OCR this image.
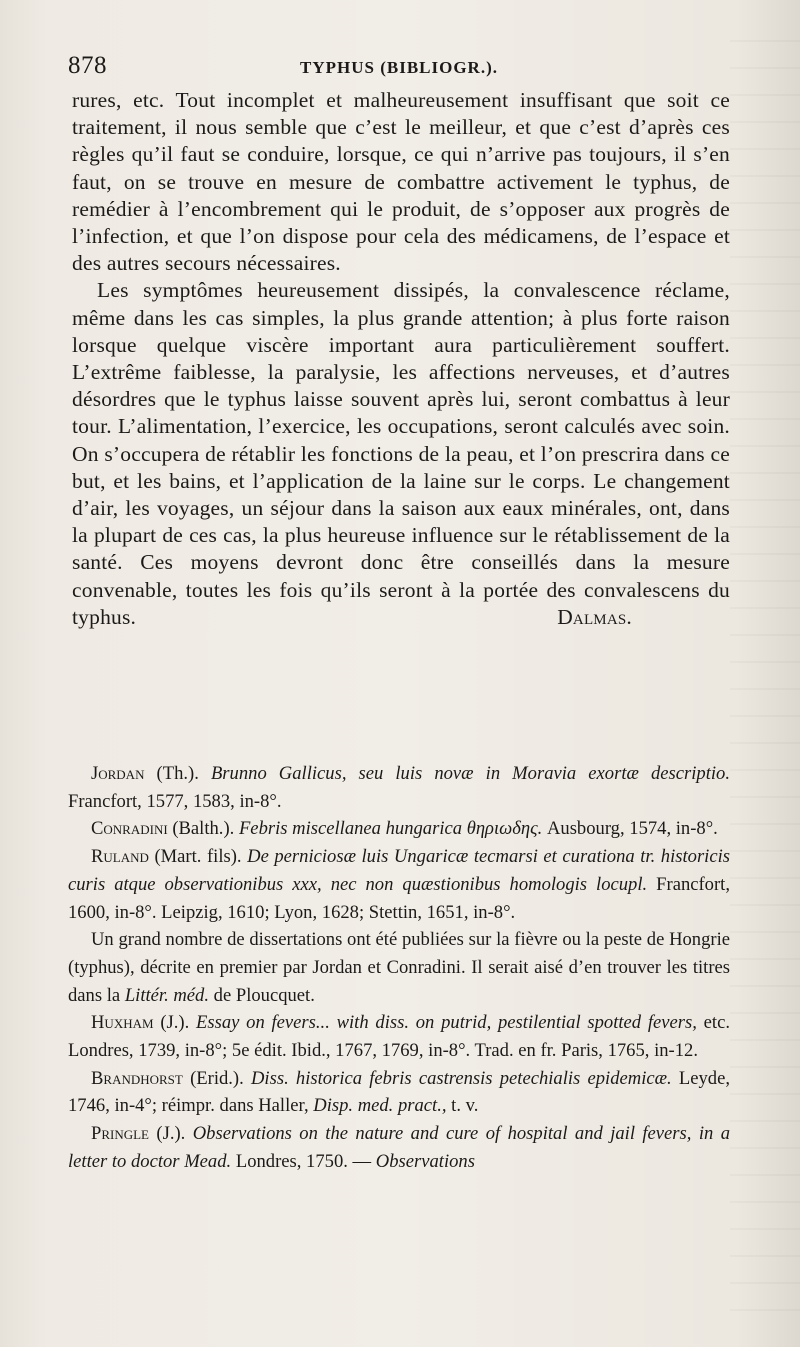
878	TYPHUS (BIBLIOGR.).

rures, etc. Tout incomplet et malheureusement insuffisant que soit ce traitement, il nous semble que c’est le meilleur, et que c’est d’après ces règles qu’il faut se conduire, lorsque, ce qui n’arrive pas toujours, il s’en faut, on se trouve en mesure de combattre activement le typhus, de remédier à l’encombrement qui le produit, de s’opposer aux progrès de l’infection, et que l’on dispose pour cela des médicamens, de l’espace et des autres secours nécessaires.

Les symptômes heureusement dissipés, la convalescence réclame, même dans les cas simples, la plus grande attention; à plus forte raison lorsque quelque viscère important aura particulièrement souffert. L’extrême faiblesse, la paralysie, les affections nerveuses, et d’autres désordres que le typhus laisse souvent après lui, seront combattus à leur tour. L’alimentation, l’exercice, les occupations, seront calculés avec soin. On s’occupera de rétablir les fonctions de la peau, et l’on prescrira dans ce but, et les bains, et l’application de la laine sur le corps. Le changement d’air, les voyages, un séjour dans la saison aux eaux minérales, ont, dans la plupart de ces cas, la plus heureuse influence sur le rétablissement de la santé. Ces moyens devront donc être conseillés dans la mesure convenable, toutes les fois qu’ils seront à la portée des convalescens du typhus.	Dalmas.

Jordan (Th.). Brunno Gallicus, seu luis novæ in Moravia exortæ descriptio. Francfort, 1577, 1583, in-8°.

Conradini (Balth.). Febris miscellanea hungarica θηριωδης. Ausbourg, 1574, in-8°.

Ruland (Mart. fils). De perniciosæ luis Ungaricæ tecmarsi et curationa tr. historicis curis atque observationibus xxx, nec non quæstionibus homologis locupl. Francfort, 1600, in-8°. Leipzig, 1610; Lyon, 1628; Stettin, 1651, in-8°.

Un grand nombre de dissertations ont été publiées sur la fièvre ou la peste de Hongrie (typhus), décrite en premier par Jordan et Conradini. Il serait aisé d’en trouver les titres dans la Littér. méd. de Ploucquet.

Huxham (J.). Essay on fevers... with diss. on putrid, pestilential spotted fevers, etc. Londres, 1739, in-8°; 5e édit. Ibid., 1767, 1769, in-8°. Trad. en fr. Paris, 1765, in-12.

Brandhorst (Erid.). Diss. historica febris castrensis petechialis epidemicæ. Leyde, 1746, in-4°; réimpr. dans Haller, Disp. med. pract., t. v.

Pringle (J.). Observations on the nature and cure of hospital and jail fevers, in a letter to doctor Mead. Londres, 1750. — Observations
